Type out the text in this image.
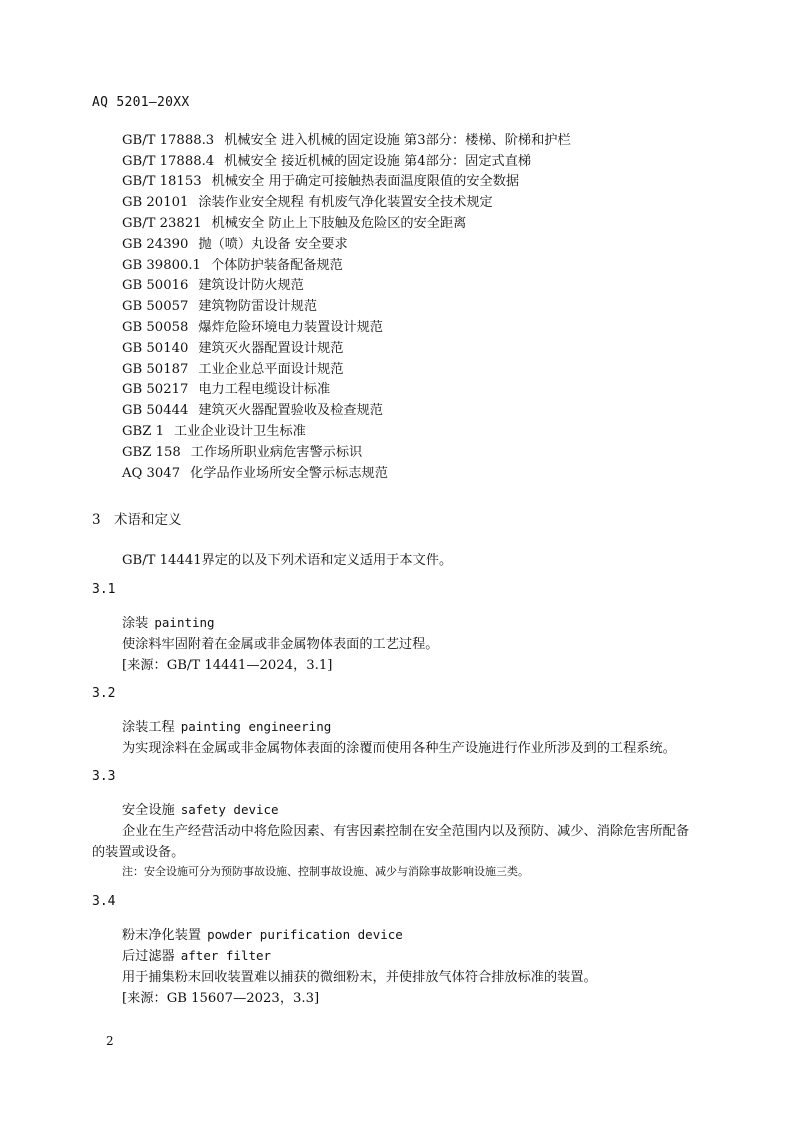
AQ 5201—20XX
GB/T 17888.3 机械安全 进入机械的固定设施 第3部分：楼梯、阶梯和护栏
GB/T 17888.4 机械安全 接近机械的固定设施 第4部分：固定式直梯
GB/T 18153 机械安全 用于确定可接触热表面温度限值的安全数据
GB 20101 涂装作业安全规程 有机废气净化装置安全技术规定
GB/T 23821 机械安全 防止上下肢触及危险区的安全距离
GB 24390 抛（喷）丸设备 安全要求
GB 39800.1 个体防护装备配备规范
GB 50016 建筑设计防火规范
GB 50057 建筑物防雷设计规范
GB 50058 爆炸危险环境电力装置设计规范
GB 50140 建筑灭火器配置设计规范
GB 50187 工业企业总平面设计规范
GB 50217 电力工程电缆设计标准
GB 50444 建筑灭火器配置验收及检查规范
GBZ 1 工业企业设计卫生标准
GBZ 158 工作场所职业病危害警示标识
AQ 3047 化学品作业场所安全警示标志规范
3 术语和定义
GB/T 14441界定的以及下列术语和定义适用于本文件。
3.1
涂装 painting
使涂料牢固附着在金属或非金属物体表面的工艺过程。
[来源：GB/T 14441—2024，3.1]
3.2
涂装工程 painting engineering
为实现涂料在金属或非金属物体表面的涂覆而使用各种生产设施进行作业所涉及到的工程系统。
3.3
安全设施 safety device
企业在生产经营活动中将危险因素、有害因素控制在安全范围内以及预防、减少、消除危害所配备
的装置或设备。
注：安全设施可分为预防事故设施、控制事故设施、减少与消除事故影响设施三类。
3.4
粉末净化装置 powder purification device
后过滤器 after filter
用于捕集粉末回收装置难以捕获的微细粉末，并使排放气体符合排放标准的装置。
[来源：GB 15607—2023，3.3]
2
